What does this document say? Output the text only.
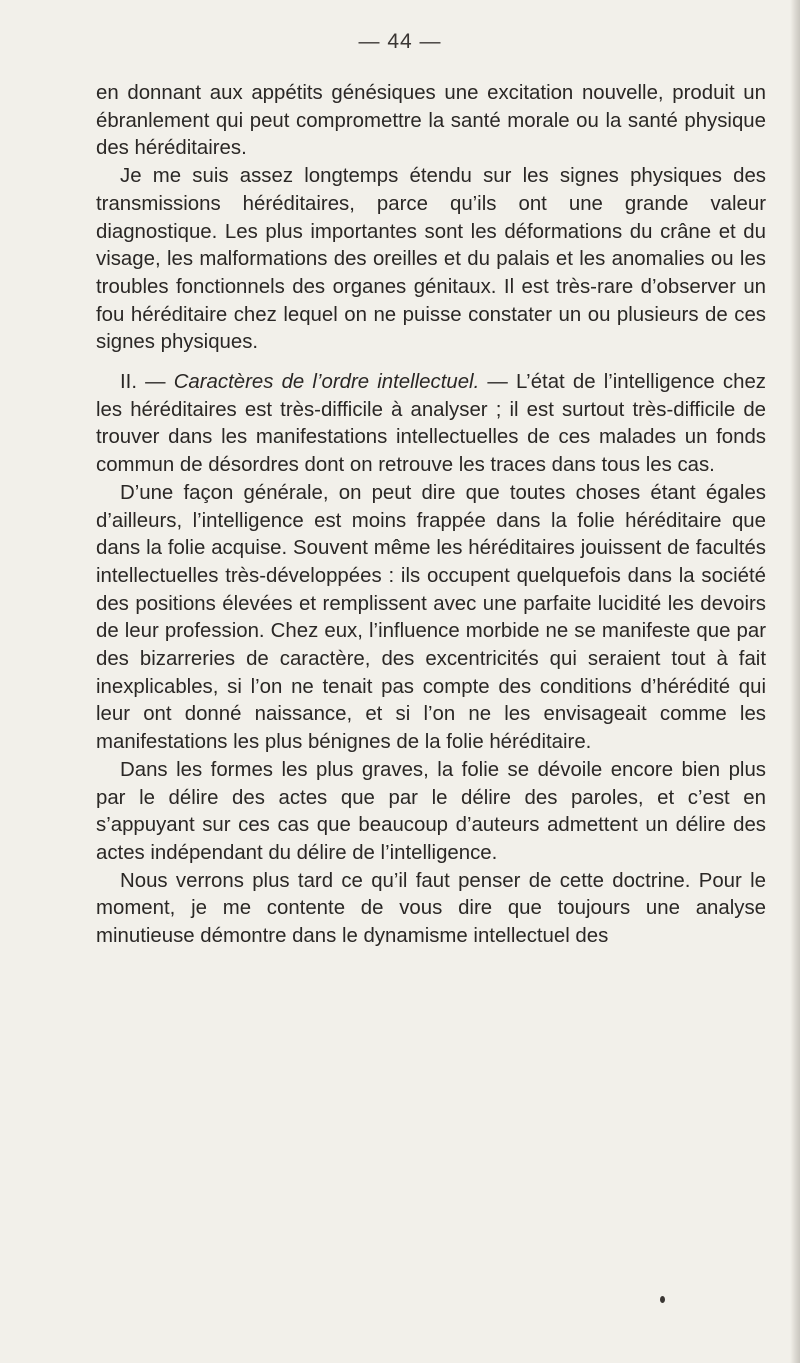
— 44 —

en donnant aux appétits génésiques une excitation nouvelle, produit un ébranlement qui peut compromettre la santé morale ou la santé physique des héréditaires.

Je me suis assez longtemps étendu sur les signes physiques des transmissions héréditaires, parce qu’ils ont une grande valeur diagnostique. Les plus importantes sont les déformations du crâne et du visage, les malformations des oreilles et du palais et les anomalies ou les troubles fonctionnels des organes génitaux. Il est très-rare d’observer un fou héréditaire chez lequel on ne puisse constater un ou plusieurs de ces signes physiques.

II. — Caractères de l’ordre intellectuel. — L’état de l’intelligence chez les héréditaires est très-difficile à analyser ; il est surtout très-difficile de trouver dans les manifestations intellectuelles de ces malades un fonds commun de désordres dont on retrouve les traces dans tous les cas.

D’une façon générale, on peut dire que toutes choses étant égales d’ailleurs, l’intelligence est moins frappée dans la folie héréditaire que dans la folie acquise. Souvent même les héréditaires jouissent de facultés intellectuelles très-développées : ils occupent quelquefois dans la société des positions élevées et remplissent avec une parfaite lucidité les devoirs de leur profession. Chez eux, l’influence morbide ne se manifeste que par des bizarreries de caractère, des excentricités qui seraient tout à fait inexplicables, si l’on ne tenait pas compte des conditions d’hérédité qui leur ont donné naissance, et si l’on ne les envisageait comme les manifestations les plus bénignes de la folie héréditaire.

Dans les formes les plus graves, la folie se dévoile encore bien plus par le délire des actes que par le délire des paroles, et c’est en s’appuyant sur ces cas que beaucoup d’auteurs admettent un délire des actes indépendant du délire de l’intelligence.

Nous verrons plus tard ce qu’il faut penser de cette doctrine. Pour le moment, je me contente de vous dire que toujours une analyse minutieuse démontre dans le dynamisme intellectuel des
